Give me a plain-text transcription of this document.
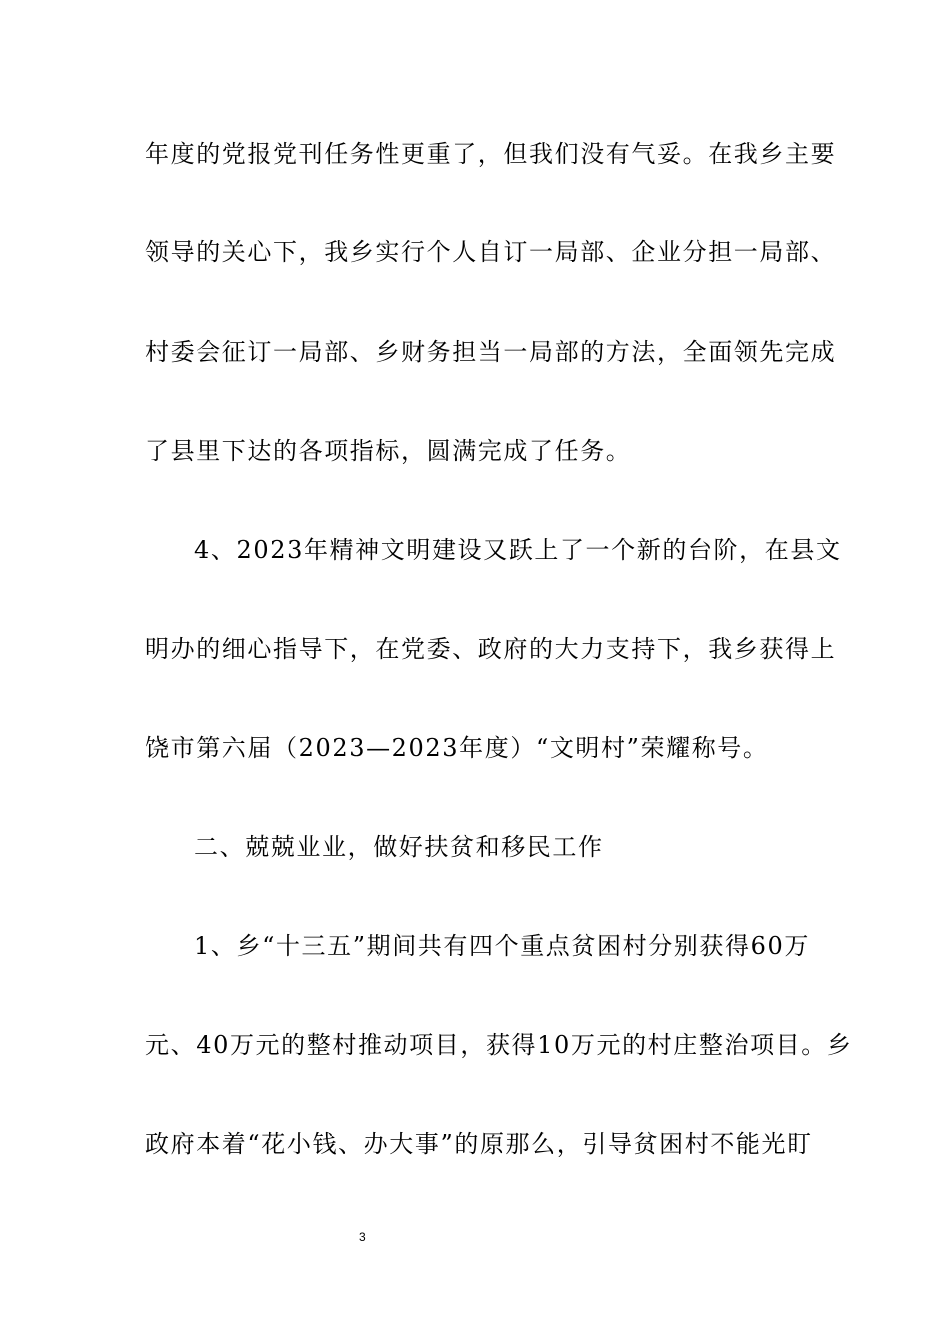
年度的党报党刊任务性更重了，但我们没有气妥。在我乡主要
领导的关心下，我乡实行个人自订一局部、企业分担一局部、
村委会征订一局部、乡财务担当一局部的方法，全面领先完成
了县里下达的各项指标，圆满完成了任务。
4、2023年精神文明建设又跃上了一个新的台阶，在县文
明办的细心指导下，在党委、政府的大力支持下，我乡获得上
饶市第六届（2023—2023年度）“文明村”荣耀称号。
二、兢兢业业，做好扶贫和移民工作
1、乡“十三五”期间共有四个重点贫困村分别获得60万
元、40万元的整村推动项目，获得10万元的村庄整治项目。乡
政府本着“花小钱、办大事”的原那么，引导贫困村不能光盯
3
